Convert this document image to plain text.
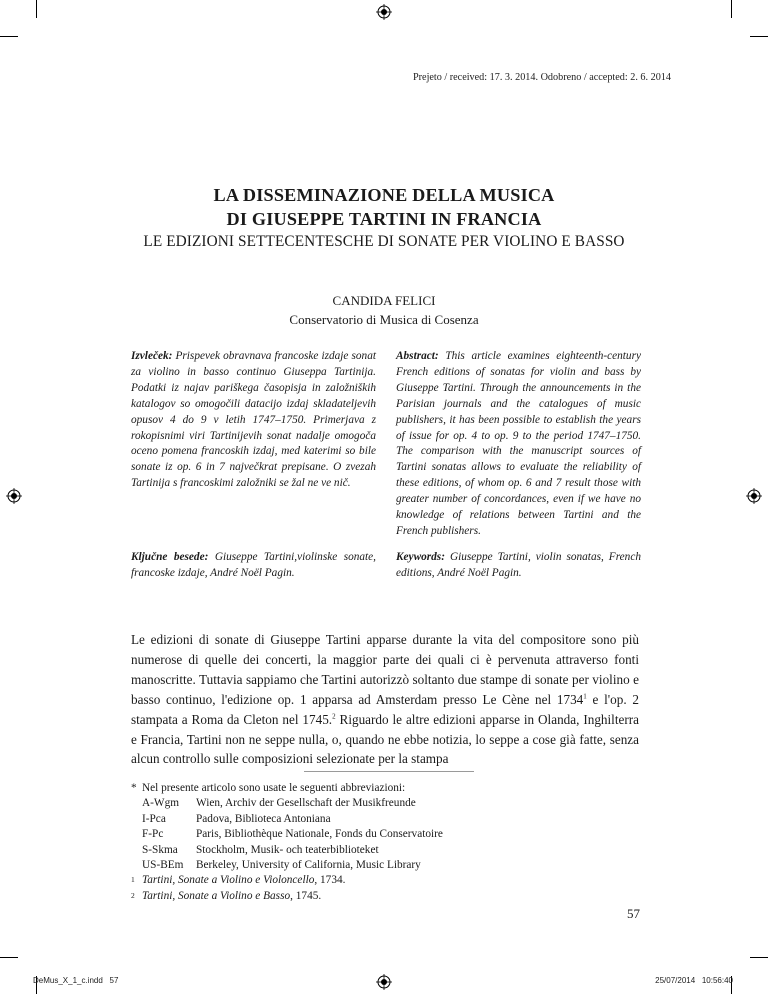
Prejeto / received: 17. 3. 2014. Odobreno / accepted: 2. 6. 2014
LA DISSEMINAZIONE DELLA MUSICA
DI GIUSEPPE TARTINI IN FRANCIA
LE EDIZIONI SETTECENTESCHE DI SONATE PER VIOLINO E BASSO
CANDIDA FELICI
Conservatorio di Musica di Cosenza
Izvleček: Prispevek obravnava francoske izdaje sonat za violino in basso continuo Giuseppa Tartinija. Podatki iz najav pariškega časopisja in založniških katalogov so omogočili datacijo izdaj skladateljevih opusov 4 do 9 v letih 1747–1750. Primerjava z rokopisnimi viri Tartinijevih sonat nadalje omogoča oceno pomena francoskih izdaj, med katerimi so bile sonate iz op. 6 in 7 največkrat prepisane. O zvezah Tartinija s francoskimi založniki se žal ne ve nič.
Abstract: This article examines eighteenth-century French editions of sonatas for violin and bass by Giuseppe Tartini. Through the announcements in the Parisian journals and the catalogues of music publishers, it has been possible to establish the years of issue for op. 4 to op. 9 to the period 1747–1750. The comparison with the manuscript sources of Tartini sonatas allows to evaluate the reliability of these editions, of whom op. 6 and 7 result those with greater number of concordances, even if we have no knowledge of relations between Tartini and the French publishers.
Ključne besede: Giuseppe Tartini,violinske sonate, francoske izdaje, André Noël Pagin.
Keywords: Giuseppe Tartini, violin sonatas, French editions, André Noël Pagin.
Le edizioni di sonate di Giuseppe Tartini apparse durante la vita del compositore sono più numerose di quelle dei concerti, la maggior parte dei quali ci è pervenuta attraverso fonti manoscritte. Tuttavia sappiamo che Tartini autorizzò soltanto due stampe di sonate per violino e basso continuo, l'edizione op. 1 apparsa ad Amsterdam presso Le Cène nel 1734$^1$ e l'op. 2 stampata a Roma da Cleton nel 1745.$^2$ Riguardo le altre edizioni apparse in Olanda, Inghilterra e Francia, Tartini non ne seppe nulla, o, quando ne ebbe notizia, lo seppe a cose già fatte, senza alcun controllo sulle composizioni selezionate per la stampa
* Nel presente articolo sono usate le seguenti abbreviazioni:
A-Wgm Wien, Archiv der Gesellschaft der Musikfreunde
I-Pca	Padova, Biblioteca Antoniana
F-Pc	Paris, Bibliothèque Nationale, Fonds du Conservatoire
S-Skma Stockholm, Musik- och teaterbiblioteket
US-BEm Berkeley, University of California, Music Library
1 Tartini, Sonate a Violino e Violoncello, 1734.
2 Tartini, Sonate a Violino e Basso, 1745.
57
DeMus_X_1_c.indd   57	25/07/2014   10:56:40
